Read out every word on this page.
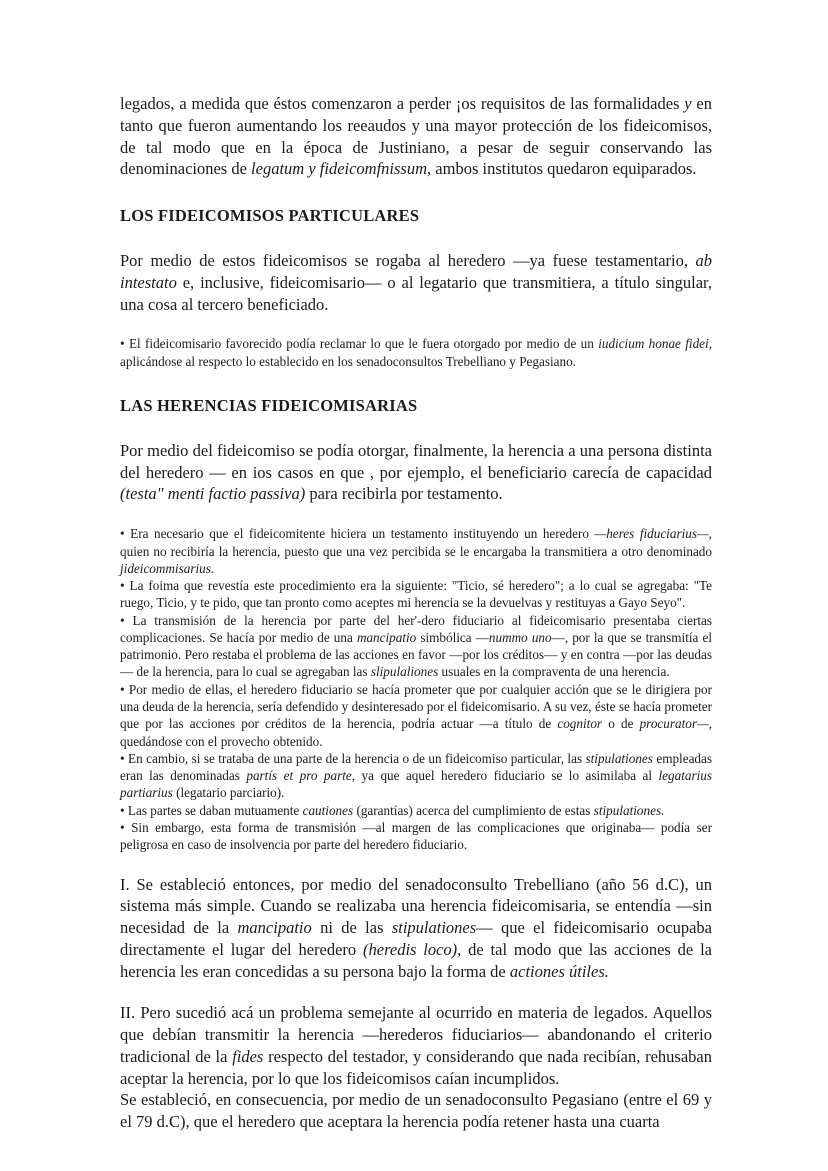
legados, a medida que éstos comenzaron a perder ¡os requisitos de las formalidades y en tanto que fueron aumentando los reeaudos y una mayor protección de los fideicomisos, de tal modo que en la época de Justiniano, a pesar de seguir conservando las denominaciones de legatum y fideicomfnissum, ambos institutos quedaron equiparados.

LOS FIDEICOMISOS PARTICULARES

Por medio de estos fideicomisos se rogaba al heredero —ya fuese testamentario, ab intestato e, inclusive, fideicomisario— o al legatario que transmitiera, a título singular, una cosa al tercero beneficiado.

• El fideicomisario favorecido podía reclamar lo que le fuera otorgado por medio de un iudicium honae fidei, aplicándose al respecto lo establecido en los senadoconsultos Trebelliano y Pegasiano.

LAS HERENCIAS FIDEICOMISARIAS

Por medio del fideicomiso se podía otorgar, finalmente, la herencia a una persona distinta del heredero — en ios casos en que , por ejemplo, el beneficiario carecía de capacidad (testa" menti factio passiva) para recibirla por testamento.

• Era necesario que el fideicomitente hiciera un testamento instituyendo un heredero —heres fiduciarius—, quien no recibiría la herencia, puesto que una vez percibida se le encargaba la transmitiera a otro denominado jideicommisarius.

• La foima que revestía este procedimiento era la siguiente: "Ticio, sé heredero"; a lo cual se agregaba: "Te ruego, Ticio, y te pido, que tan pronto como aceptes mi herencia se la devuelvas y restituyas a Gayo Seyo".

• La transmisión de la herencia por parte del her'-dero fiduciario al fideicomisario presentaba ciertas complicaciones. Se hacía por medio de una mancipatio simbólica —nummo uno—, por la que se transmitía el patrimonio. Pero restaba el problema de las acciones en favor —por los créditos— y en contra —por las deudas— de la herencia, para lo cual se agregaban las slipulaliones usuales en la compraventa de una herencia.

• Por medio de ellas, el heredero fiduciario se hacía prometer que por cualquier acción que se le dirigiera por una deuda de la herencia, sería defendido y desinteresado por el fideicomisario. A su vez, éste se hacía prometer que por las acciones por créditos de la herencia, podría actuar —a título de cognitor o de procurator—, quedándose con el provecho obtenido.

• En cambio, si se trataba de una parte de la herencia o de un fideicomiso particular, las stipulationes empleadas eran las denominadas partís et pro parte, ya que aquel heredero fiduciario se lo asimilaba al legatarius partiarius (legatario parciario).

• Las partes se daban mutuamente cautiones (garantías) acerca del cumplimiento de estas stipulationes.

• Sin embargo, esta forma de transmisión —al margen de las complicaciones que originaba— podía ser peligrosa en caso de insolvencia por parte del heredero fiduciario.

I. Se estableció entonces, por medio del senadoconsulto Trebelliano (año 56 d.C), un sistema más simple. Cuando se realizaba una herencia fideicomisaria, se entendía —sin necesidad de la mancipatio ni de las stipulationes— que el fideicomisario ocupaba directamente el lugar del heredero (heredis loco), de tal modo que las acciones de la herencia les eran concedidas a su persona bajo la forma de actiones útiles.

II. Pero sucedió acá un problema semejante al ocurrido en materia de legados. Aquellos que debían transmitir la herencia —herederos fiduciarios— abandonando el criterio tradicional de la fides respecto del testador, y considerando que nada recibían, rehusaban aceptar la herencia, por lo que los fideicomisos caían incumplidos.

Se estableció, en consecuencia, por medio de un senadoconsulto Pegasiano (entre el 69 y el 79 d.C), que el heredero que aceptara la herencia podía retener hasta una cuarta
